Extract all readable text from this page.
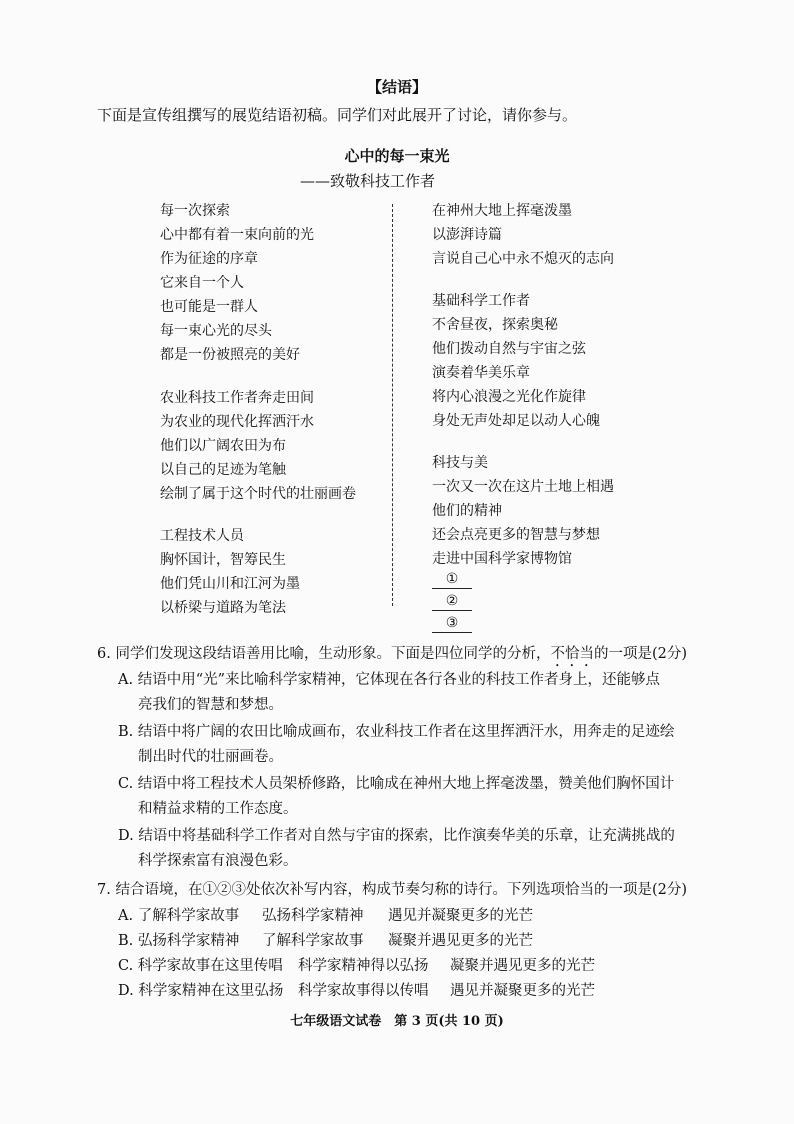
【结语】
下面是宣传组撰写的展览结语初稿。同学们对此展开了讨论，请你参与。
心中的每一束光
——致敬科技工作者
每一次探索
心中都有着一束向前的光
作为征途的序章
它来自一个人
也可能是一群人
每一束心光的尽头
都是一份被照亮的美好
农业科技工作者奔走田间
为农业的现代化挥洒汗水
他们以广阔农田为布
以自己的足迹为笔触
绘制了属于这个时代的壮丽画卷
工程技术人员
胸怀国计，智筹民生
他们凭山川和江河为墨
以桥梁与道路为笔法
在神州大地上挥毫泼墨
以澎湃诗篇
言说自己心中永不熄灭的志向
基础科学工作者
不舍昼夜，探索奥秘
他们拨动自然与宇宙之弦
演奏着华美乐章
将内心浪漫之光化作旋律
身处无声处却足以动人心魄
科技与美
一次又一次在这片土地上相遇
他们的精神
还会点亮更多的智慧与梦想
走进中国科学家博物馆
①
②
③
6. 同学们发现这段结语善用比喻，生动形象。下面是四位同学的分析，不恰当的一项是(2分)
A. 结语中用“光”来比喻科学家精神，它体现在各行各业的科技工作者身上，还能够点
亮我们的智慧和梦想。
B. 结语中将广阔的农田比喻成画布，农业科技工作者在这里挥洒汗水，用奔走的足迹绘
制出时代的壮丽画卷。
C. 结语中将工程技术人员架桥修路，比喻成在神州大地上挥毫泼墨，赞美他们胸怀国计
和精益求精的工作态度。
D. 结语中将基础科学工作者对自然与宇宙的探索，比作演奏华美的乐章，让充满挑战的
科学探索富有浪漫色彩。
7. 结合语境，在①②③处依次补写内容，构成节奏匀称的诗行。下列选项恰当的一项是(2分)
A. 了解科学家故事 弘扬科学家精神 遇见并凝聚更多的光芒
B. 弘扬科学家精神 了解科学家故事 凝聚并遇见更多的光芒
C. 科学家故事在这里传唱 科学家精神得以弘扬 凝聚并遇见更多的光芒
D. 科学家精神在这里弘扬 科学家故事得以传唱 遇见并凝聚更多的光芒
七年级语文试卷　第 3 页(共 10 页)
